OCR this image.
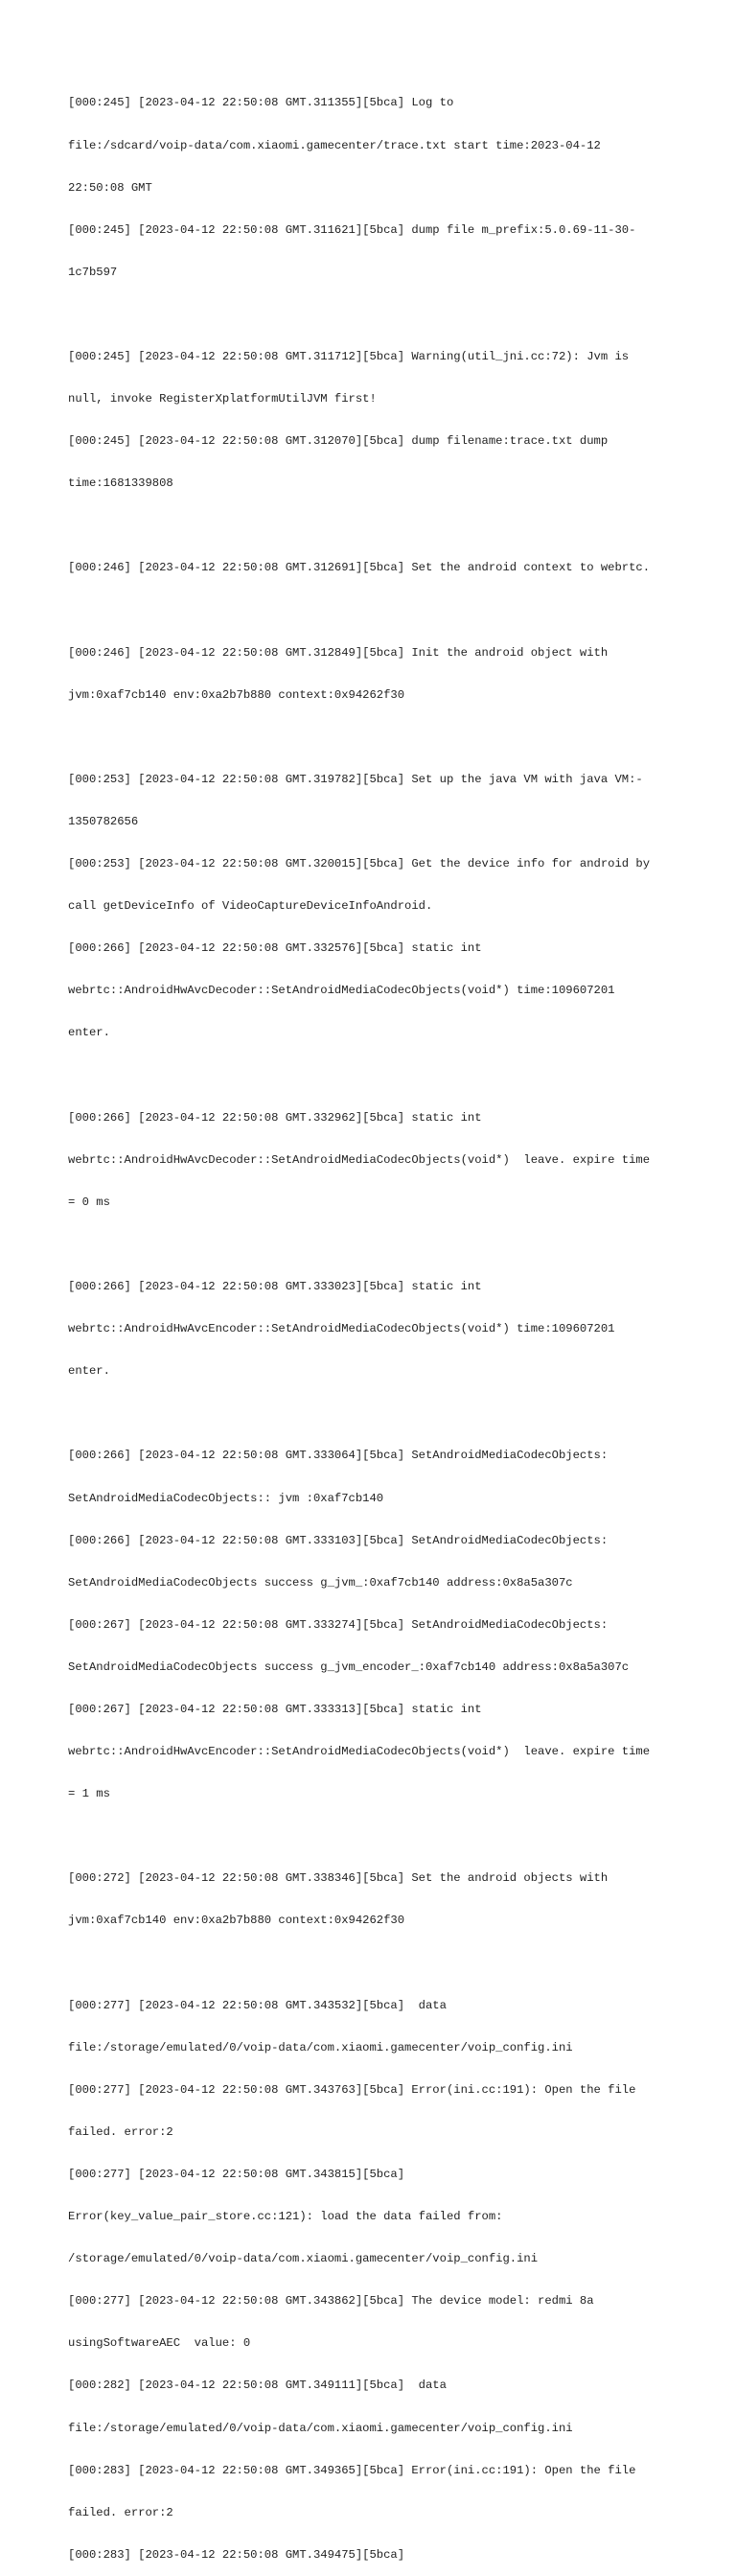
[000:245] [2023-04-12 22:50:08 GMT.311355][5bca] Log to

file:/sdcard/voip-data/com.xiaomi.gamecenter/trace.txt start time:2023-04-12

22:50:08 GMT

[000:245] [2023-04-12 22:50:08 GMT.311621][5bca] dump file m_prefix:5.0.69-11-30-

1c7b597

[000:245] [2023-04-12 22:50:08 GMT.311712][5bca] Warning(util_jni.cc:72): Jvm is

null, invoke RegisterXplatformUtilJVM first!

[000:245] [2023-04-12 22:50:08 GMT.312070][5bca] dump filename:trace.txt dump

time:1681339808

[000:246] [2023-04-12 22:50:08 GMT.312691][5bca] Set the android context to webrtc.

[000:246] [2023-04-12 22:50:08 GMT.312849][5bca] Init the android object with

jvm:0xaf7cb140 env:0xa2b7b880 context:0x94262f30

[000:253] [2023-04-12 22:50:08 GMT.319782][5bca] Set up the java VM with java VM:-

1350782656

[000:253] [2023-04-12 22:50:08 GMT.320015][5bca] Get the device info for android by

call getDeviceInfo of VideoCaptureDeviceInfoAndroid.

[000:266] [2023-04-12 22:50:08 GMT.332576][5bca] static int

webrtc::AndroidHwAvcDecoder::SetAndroidMediaCodecObjects(void*) time:109607201

enter.

[000:266] [2023-04-12 22:50:08 GMT.332962][5bca] static int

webrtc::AndroidHwAvcDecoder::SetAndroidMediaCodecObjects(void*)  leave. expire time

= 0 ms

[000:266] [2023-04-12 22:50:08 GMT.333023][5bca] static int

webrtc::AndroidHwAvcEncoder::SetAndroidMediaCodecObjects(void*) time:109607201

enter.

[000:266] [2023-04-12 22:50:08 GMT.333064][5bca] SetAndroidMediaCodecObjects:

SetAndroidMediaCodecObjects:: jvm :0xaf7cb140

[000:266] [2023-04-12 22:50:08 GMT.333103][5bca] SetAndroidMediaCodecObjects:

SetAndroidMediaCodecObjects success g_jvm_:0xaf7cb140 address:0x8a5a307c

[000:267] [2023-04-12 22:50:08 GMT.333274][5bca] SetAndroidMediaCodecObjects:

SetAndroidMediaCodecObjects success g_jvm_encoder_:0xaf7cb140 address:0x8a5a307c

[000:267] [2023-04-12 22:50:08 GMT.333313][5bca] static int

webrtc::AndroidHwAvcEncoder::SetAndroidMediaCodecObjects(void*)  leave. expire time

= 1 ms

[000:272] [2023-04-12 22:50:08 GMT.338346][5bca] Set the android objects with

jvm:0xaf7cb140 env:0xa2b7b880 context:0x94262f30

[000:277] [2023-04-12 22:50:08 GMT.343532][5bca]  data

file:/storage/emulated/0/voip-data/com.xiaomi.gamecenter/voip_config.ini

[000:277] [2023-04-12 22:50:08 GMT.343763][5bca] Error(ini.cc:191): Open the file

failed. error:2

[000:277] [2023-04-12 22:50:08 GMT.343815][5bca]

Error(key_value_pair_store.cc:121): load the data failed from:

/storage/emulated/0/voip-data/com.xiaomi.gamecenter/voip_config.ini

[000:277] [2023-04-12 22:50:08 GMT.343862][5bca] The device model: redmi 8a

usingSoftwareAEC  value: 0

[000:282] [2023-04-12 22:50:08 GMT.349111][5bca]  data

file:/storage/emulated/0/voip-data/com.xiaomi.gamecenter/voip_config.ini

[000:283] [2023-04-12 22:50:08 GMT.349365][5bca] Error(ini.cc:191): Open the file

failed. error:2

[000:283] [2023-04-12 22:50:08 GMT.349475][5bca]
